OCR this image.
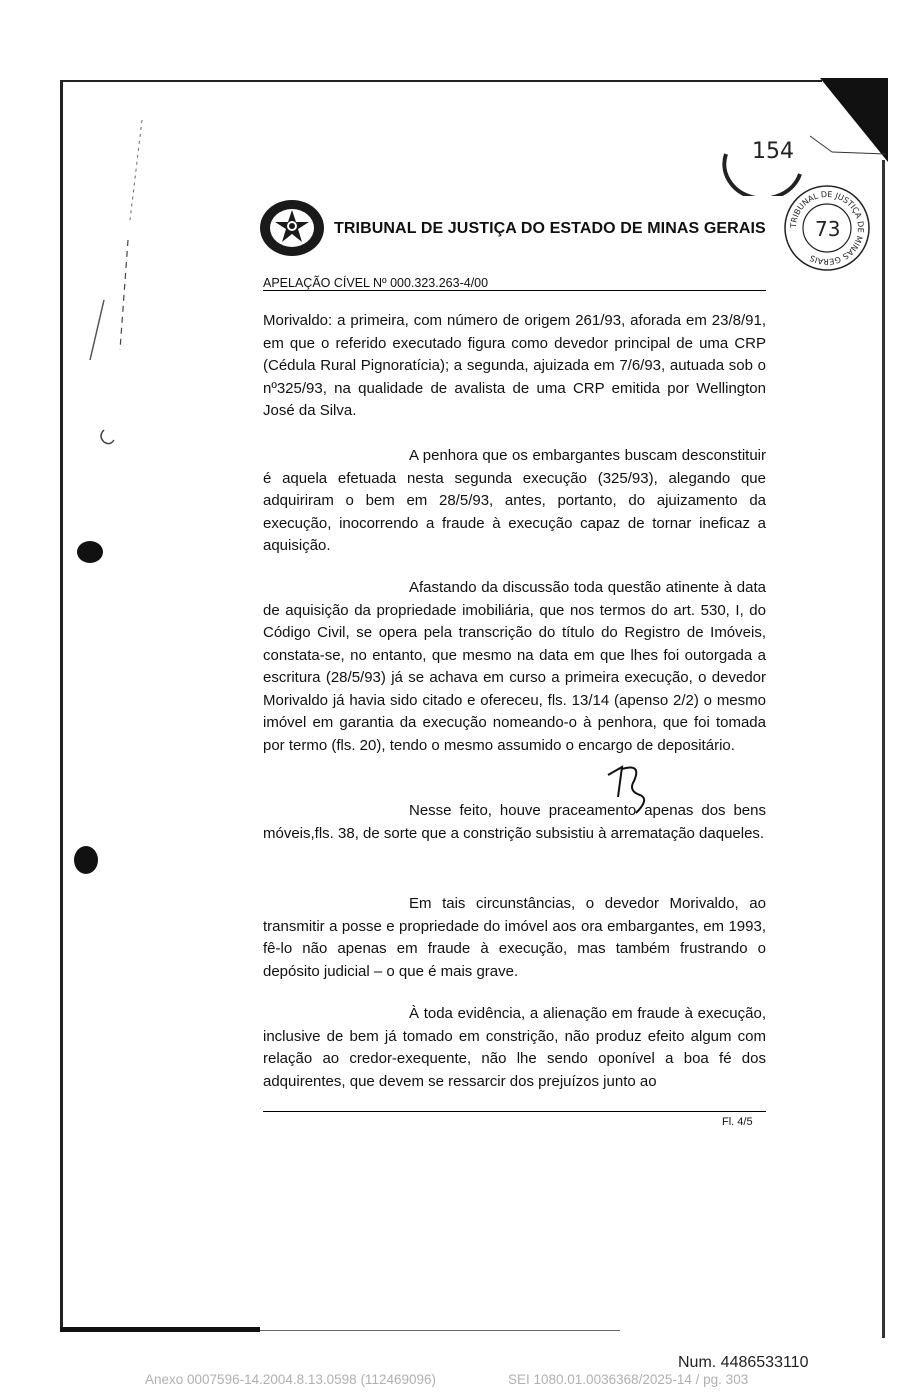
TRIBUNAL DE JUSTIÇA DO ESTADO DE MINAS GERAIS
APELAÇÃO CÍVEL Nº 000.323.263-4/00
154
TRIBUNAL DE JUSTIÇA DE MINAS GERAIS
73
Morivaldo: a primeira, com número de origem 261/93, aforada em 23/8/91, em que o referido executado figura como devedor principal de uma CRP (Cédula Rural Pignoratícia); a segunda, ajuizada em 7/6/93, autuada sob o nº325/93, na qualidade de avalista de uma CRP emitida por Wellington José da Silva.
A penhora que os embargantes buscam desconstituir é aquela efetuada nesta segunda execução (325/93), alegando que adquiriram o bem em 28/5/93, antes, portanto, do ajuizamento da execução, inocorrendo a fraude à execução capaz de tornar ineficaz a aquisição.
Afastando da discussão toda questão atinente à data de aquisição da propriedade imobiliária, que nos termos do art. 530, I, do Código Civil, se opera pela transcrição do título do Registro de Imóveis, constata-se, no entanto, que mesmo na data em que lhes foi outorgada a escritura (28/5/93) já se achava em curso a primeira execução, o devedor Morivaldo já havia sido citado e ofereceu, fls. 13/14 (apenso 2/2) o mesmo imóvel em garantia da execução nomeando-o à penhora, que foi tomada por termo (fls. 20), tendo o mesmo assumido o encargo de depositário.
Nesse feito, houve praceamento apenas dos bens móveis,fls. 38, de sorte que a constrição subsistiu à arrematação daqueles.
Em tais circunstâncias, o devedor Morivaldo, ao transmitir a posse e propriedade do imóvel aos ora embargantes, em 1993, fê-lo não apenas em fraude à execução, mas também frustrando o depósito judicial – o que é mais grave.
À toda evidência, a alienação em fraude à execução, inclusive de bem já tomado em constrição, não produz efeito algum com relação ao credor-exequente, não lhe sendo oponível a boa fé dos adquirentes, que devem se ressarcir dos prejuízos junto ao
Fl. 4/5
Num. 4486533110
Anexo 0007596-14.2004.8.13.0598 (112469096)	SEI 1080.01.0036368/2025-14 / pg. 303
